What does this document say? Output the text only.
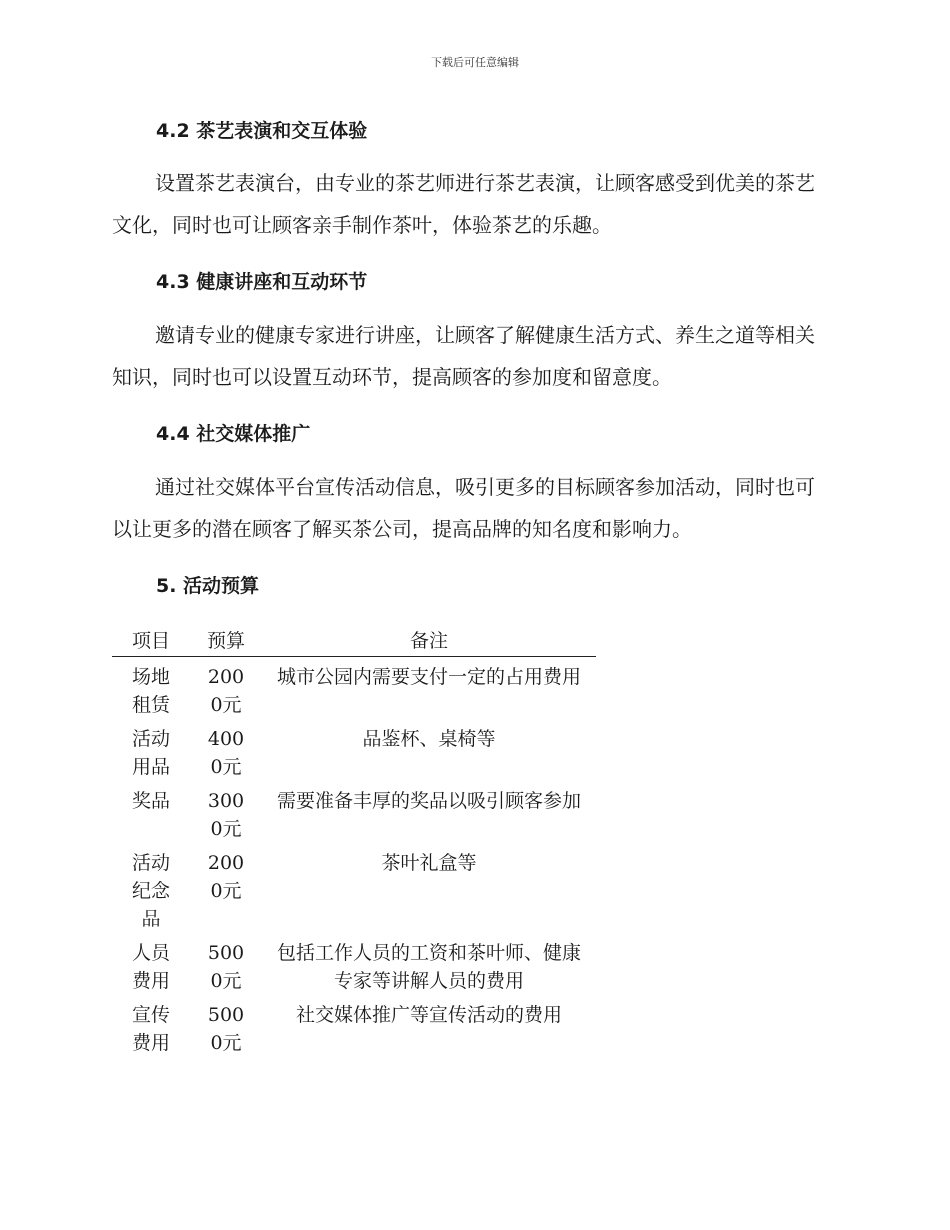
下载后可任意编辑
4.2 茶艺表演和交互体验
设置茶艺表演台，由专业的茶艺师进行茶艺表演，让顾客感受到优美的茶艺文化，同时也可让顾客亲手制作茶叶，体验茶艺的乐趣。
4.3 健康讲座和互动环节
邀请专业的健康专家进行讲座，让顾客了解健康生活方式、养生之道等相关知识，同时也可以设置互动环节，提高顾客的参加度和留意度。
4.4 社交媒体推广
通过社交媒体平台宣传活动信息，吸引更多的目标顾客参加活动，同时也可以让更多的潜在顾客了解买茶公司，提高品牌的知名度和影响力。
5. 活动预算
项目	预算	备注
场地租赁	2000元	城市公园内需要支付一定的占用费用
活动用品	4000元	品鉴杯、桌椅等
奖品	3000元	需要准备丰厚的奖品以吸引顾客参加
活动纪念品	2000元	茶叶礼盒等
人员费用	5000元	包括工作人员的工资和茶叶师、健康专家等讲解人员的费用
宣传费用	5000元	社交媒体推广等宣传活动的费用
